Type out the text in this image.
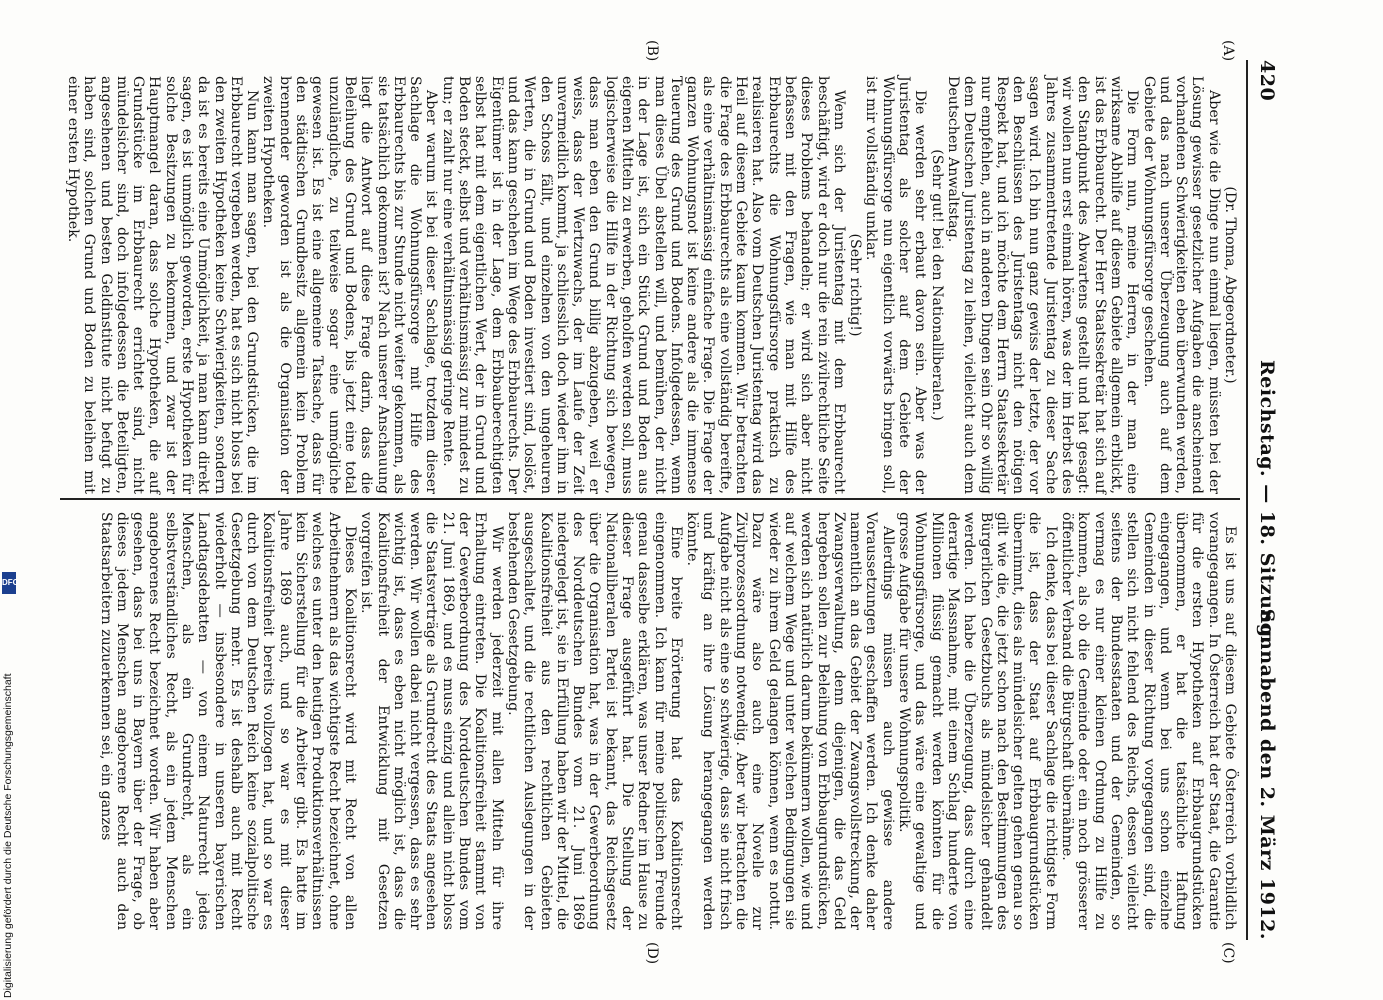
420
Reichstag. — 18. Sitzung.
Sonnabend den 2. März 1912.
(A)
(B)
(C)
(D)

(Dr. Thoma, Abgeordneter.)

Aber wie die Dinge nun einmal liegen, müssten bei der Lösung gewisser gesetzlicher Aufgaben die anscheinend vorhandenen Schwierigkeiten eben überwunden werden, und das nach unserer Überzeugung auch auf dem Gebiete der Wohnungsfürsorge geschehen.

Die Form nun, meine Herren, in der man eine wirksame Abhilfe auf diesem Gebiete allgemein erblickt, ist das Erbbaurecht. Der Herr Staatssekretär hat sich auf den Standpunkt des Abwartens gestellt und hat gesagt: wir wollen nun erst einmal hören, was der im Herbst des Jahres zusammentretende Juristentag zu dieser Sache sagen wird. Ich bin nun ganz gewiss der letzte, der vor den Beschlüssen des Juristentags nicht den nötigen Respekt hat, und ich möchte dem Herrn Staatssekretär nur empfehlen, auch in anderen Dingen sein Ohr so willig dem Deutschen Juristentag zu leihen, vielleicht auch dem Deutschen Anwaltstag.

(Sehr gut! bei den Nationalliberalen.)

Die werden sehr erbaut davon sein. Aber was der Juristentag als solcher auf dem Gebiete der Wohnungsfürsorge nun eigentlich vorwärts bringen soll, ist mir vollständig unklar.

(Sehr richtig!)

Wenn sich der Juristentag mit dem Erbbaurecht beschäftigt, wird er doch nur die rein zivilrechtliche Seite dieses Problems behandeln; er wird sich aber nicht befassen mit den Fragen, wie man mit Hilfe des Erbbaurechts die Wohnungsfürsorge praktisch zu realisieren hat. Also vom Deutschen Juristentag wird das Heil auf diesem Gebiete kaum kommen. Wir betrachten die Frage des Erbbaurechts als eine vollständig bereifte, als eine verhältnismässig einfache Frage. Die Frage der ganzen Wohnungsnot ist keine andere als die immense Teuerung des Grund und Bodens. Infolgedessen, wenn man dieses Übel abstellen will, und bemühen, der nicht in der Lage ist, sich ein Stück Grund und Boden aus eigenen Mitteln zu erwerben, geholfen werden soll, muss logischerweise die Hilfe in der Richtung sich bewegen, dass man eben den Grund billig abzugeben, weil er weiss, dass der Wertzuwachs, der im Laufe der Zeit unvermeidlich kommt, ja schliesslich doch wieder ihm in den Schoss fällt, und einzelnen von den ungeheuren Werten, die in Grund und Boden investiert sind, loslöst, und das kann geschehen im Wege des Erbbaurechts. Der Eigentümer ist in der Lage, dem Erbbauberechtigten selbst hat mit dem eigentlichen Wert, der in Grund und Boden steckt, selbst und verhältnismässig zur mindest zu tun; er zahlt nur eine verhältnismässig geringe Rente.

Aber warum ist bei dieser Sachlage, trotzdem dieser Sachlage die Wohnungsfürsorge mit Hilfe des Erbbaurechts bis zur Stunde nicht weiter gekommen, als sie tatsächlich gekommen ist? Nach unserer Anschauung liegt die Antwort auf diese Frage darin, dass die Beleihung des Grund und Bodens, bis jetzt eine total unzulängliche, zu teilweise sogar eine unmögliche gewesen ist. Es ist eine allgemeine Tatsache, dass für den städtischen Grundbesitz allgemein kein Problem brennender geworden ist als die Organisation der zweiten Hypotheken.

Nun kann man sagen, bei den Grundstücken, die im Erbbaurecht vergeben werden, hat es sich nicht bloss bei den zweiten Hypotheken keine Schwierigkeiten, sondern da ist es bereits eine Unmöglichkeit, ja man kann direkt sagen, es ist unmöglich geworden, erste Hypotheken für solche Besitzungen zu bekommen, und zwar ist der Hauptmangel daran, dass solche Hypotheken, die auf Grundstücke im Erbbaurecht errichtet sind, nicht mündelsicher sind, doch infolgedessen die Beteiligten, angesehenen und besten Geldinstitute nicht befugt zu haben sind, solchen Grund und Boden zu beleihen mit einer ersten Hypothek.

Es ist uns auf diesem Gebiete Österreich vorbildlich vorangegangen. In Österreich hat der Staat, die Garantie für die ersten Hypotheken auf Erbbaugrundstücken übernommen, er hat die tatsächliche Haftung eingegangen, und wenn bei uns schon einzelne Gemeinden in dieser Richtung vorgegangen sind, die stellen sich nicht fehlend des Reichs, dessen vielleicht seitens der Bundesstaaten und der Gemeinden, so vermag es nur einer kleinen Ordnung zu Hilfe zu kommen, als ob die Gemeinde oder ein noch grösserer öffentlicher Verband die Bürgschaft übernähme.

Ich denke, dass bei dieser Sachlage die richtigste Form die ist, dass der Staat auf Erbbaugrundstücken übernimmt, dies als mündelsicher gelten gehen genau so gilt wie die, die jetzt schon nach den Bestimmungen des Bürgerlichen Gesetzbuchs als mündelsicher gehandelt werden. Ich habe die Überzeugung, dass durch eine derartige Massnahme, mit einem Schlag hunderte von Millionen flüssig gemacht werden könnten für die Wohnungsfürsorge, und das wäre eine gewaltige und grosse Aufgabe für unsere Wohnungspolitik.

Allerdings müssen auch gewisse andere Voraussetzungen geschaffen werden. Ich denke daher namentlich an das Gebiet der Zwangsvollstreckung, der Zwangsverwaltung, denn diejenigen, die das Geld hergeben sollen zur Beleihung von Erbbaugrundstücken, werden sich natürlich darum bekümmern wollen, wie und auf welchem Wege und unter welchen Bedingungen sie wieder zu ihrem Geld gelangen können, wenn es nottut. Dazu wäre also auch eine Novelle zur Zivilprozessordnung notwendig. Aber wir betrachten die Aufgabe nicht als eine so schwierige, dass sie nicht frisch und kräftig an ihre Lösung herangegangen werden könnte.

Eine breite Erörterung hat das Koalitionsrecht eingenommen. Ich kann für meine politischen Freunde genau dasselbe erklären, was unser Redner im Hause zu dieser Frage ausgeführt hat. Die Stellung der Nationalliberalen Partei ist bekannt, das Reichsgesetz über die Organisation hat, was in der Gewerbeordnung des Norddeutschen Bundes vom 21. Juni 1869 niedergelegt ist, sie in Erfüllung haben wir der Mittel, die Koalitionsfreiheit aus den rechtlichen Gebieten ausgeschaltet, und die rechtlichen Auslegungen in der bestehenden Gesetzgebung.

Wir werden jederzeit mit allen Mitteln für ihre Erhaltung eintreten. Die Koalitionsfreiheit stammt von der Gewerbeordnung des Norddeutschen Bundes vom 21. Juni 1869, und es muss einzig und allein nicht bloss die Staatsverträge als Grundrecht des Staats angesehen werden. Wir wollen dabei nicht vergessen, dass es sehr wichtig ist, dass es eben nicht möglich ist, dass die Koalitionsfreiheit der Entwicklung mit Gesetzen vorgreifen ist.

Dieses Koalitionsrecht wird mit Recht von allen Arbeitnehmern als das wichtigste Recht bezeichnet, ohne welches es unter den heutigen Produktionsverhältnissen kein Sicherstellung für die Arbeiter gibt. Es hatte im Jahre 1869 auch, und so war es mit dieser Koalitionsfreiheit bereits vollzogen hat, und so war es durch von dem Deutschen Reich keine sozialpolitische Gesetzgebung mehr. Es ist deshalb auch mit Recht wiederholt — insbesondere in unseren bayerischen Landtagsdebatten — von einem Naturrecht jedes Menschen, als ein Grundrecht, als ein selbstverständliches Recht, als ein jedem Menschen angeborenes Recht bezeichnet worden. Wir haben aber gesehen, dass bei uns in Bayern über der Frage, ob dieses jedem Menschen angeborene Recht auch den Staatsarbeitern zuzuerkennen sei, ein ganzes

Digitalisierung gefördert durch die Deutsche Forschungsgemeinschaft
DFG
